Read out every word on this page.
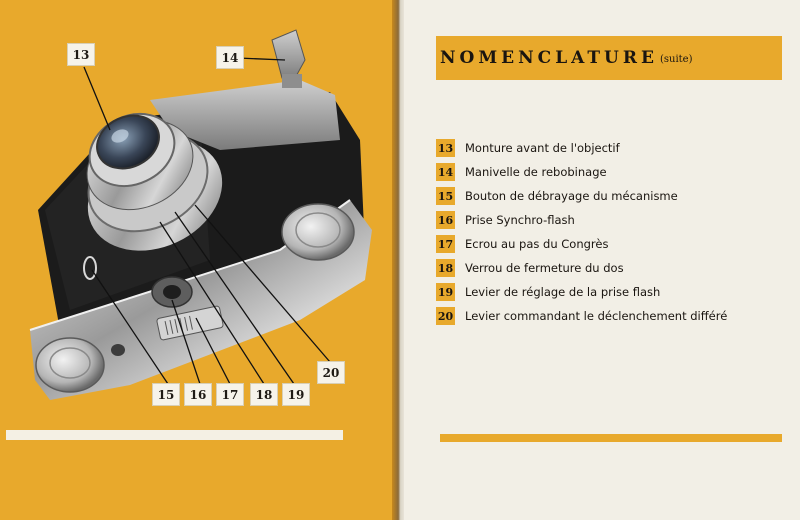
13	14
15	16	17	18	19
20
NOMENCLATURE (suite)
13 Monture avant de l'objectif
14 Manivelle de rebobinage
15 Bouton de débrayage du mécanisme
16 Prise Synchro-flash
17 Ecrou au pas du Congrès
18 Verrou de fermeture du dos
19 Levier de réglage de la prise flash
20 Levier commandant le déclenchement différé
